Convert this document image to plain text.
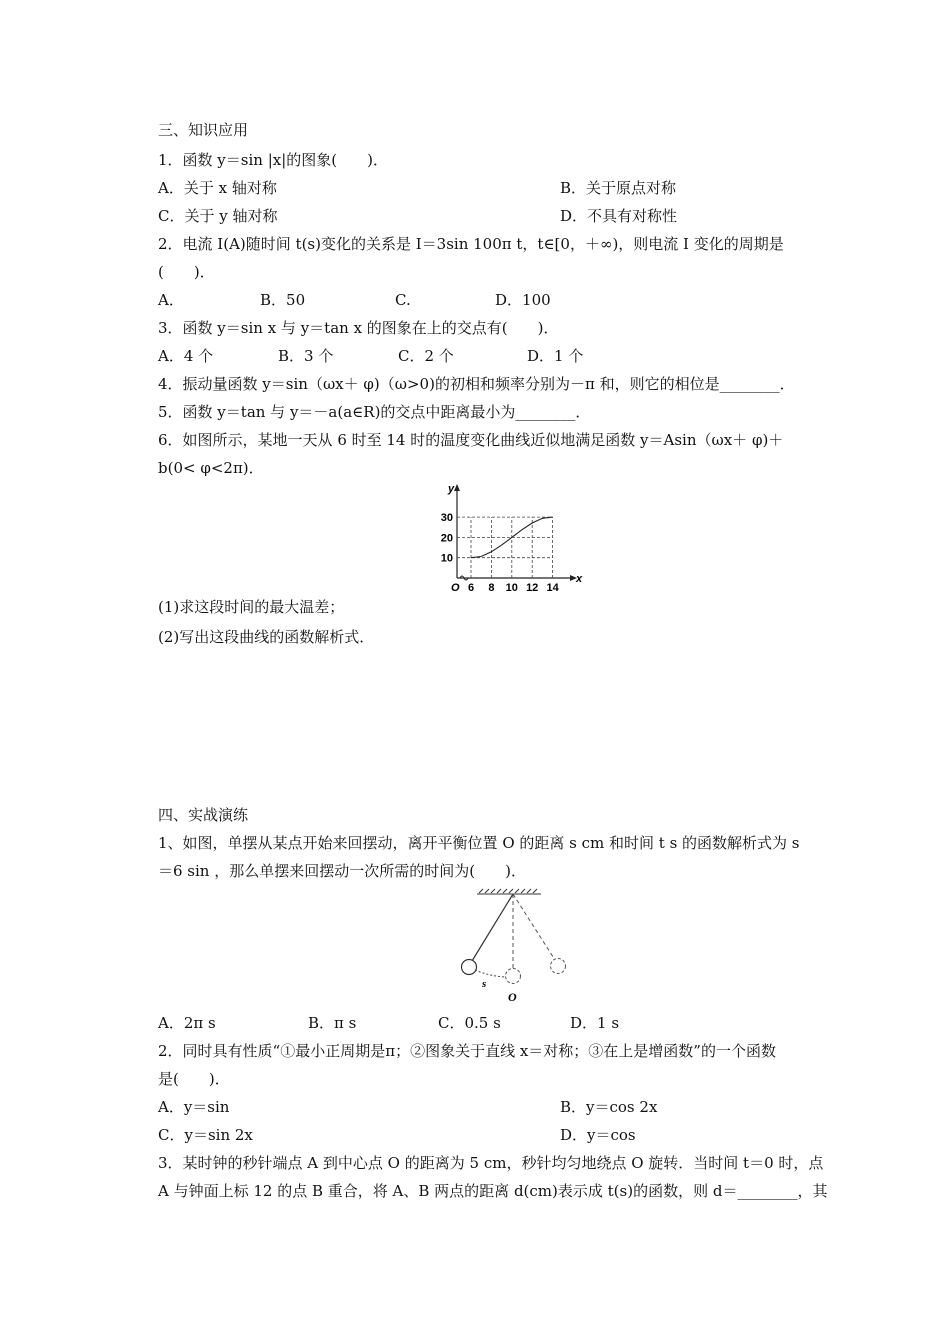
三、知识应用
1．函数 y＝sin |x|的图象(　　)．
A．关于 x 轴对称	B．关于原点对称
C．关于 y 轴对称	D．不具有对称性
2．电流 I(A)随时间 t(s)变化的关系是 I＝3sin 100π t，t∈[0，＋∞)，则电流 I 变化的周期是
(　　)．
A．	B．50	C.	D．100
3．函数 y＝sin x 与 y＝tan x 的图象在上的交点有(　　)．
A．4 个	B．3 个	C．2 个	D．1 个
4．振动量函数 y＝sin（ωx＋ φ)（ω>0)的初相和频率分别为－π 和，则它的相位是________．
5．函数 y＝tan 与 y＝－a(a∈R)的交点中距离最小为________．
6．如图所示，某地一天从 6 时至 14 时的温度变化曲线近似地满足函数 y＝Asin（ωx＋ φ)＋
b(0< φ<2π)．
6 8 10 12 14
10
20
30
x
y
O
(1)求这段时间的最大温差；
(2)写出这段曲线的函数解析式．
四、实战演练
1、如图，单摆从某点开始来回摆动，离开平衡位置 O 的距离 s cm 和时间 t s 的函数解析式为 s
＝6 sin ，那么单摆来回摆动一次所需的时间为(　　)．
s
O
A．2π s	B．π s	C．0.5 s	D．1 s
2．同时具有性质“①最小正周期是π；②图象关于直线 x＝对称；③在上是增函数”的一个函数
是(　　)．
A．y＝sin	B．y＝cos 2x
C．y＝sin 2x	D．y＝cos
3．某时钟的秒针端点 A 到中心点 O 的距离为 5 cm，秒针均匀地绕点 O 旋转．当时间 t＝0 时，点
A 与钟面上标 12 的点 B 重合，将 A、B 两点的距离 d(cm)表示成 t(s)的函数，则 d＝________，其
